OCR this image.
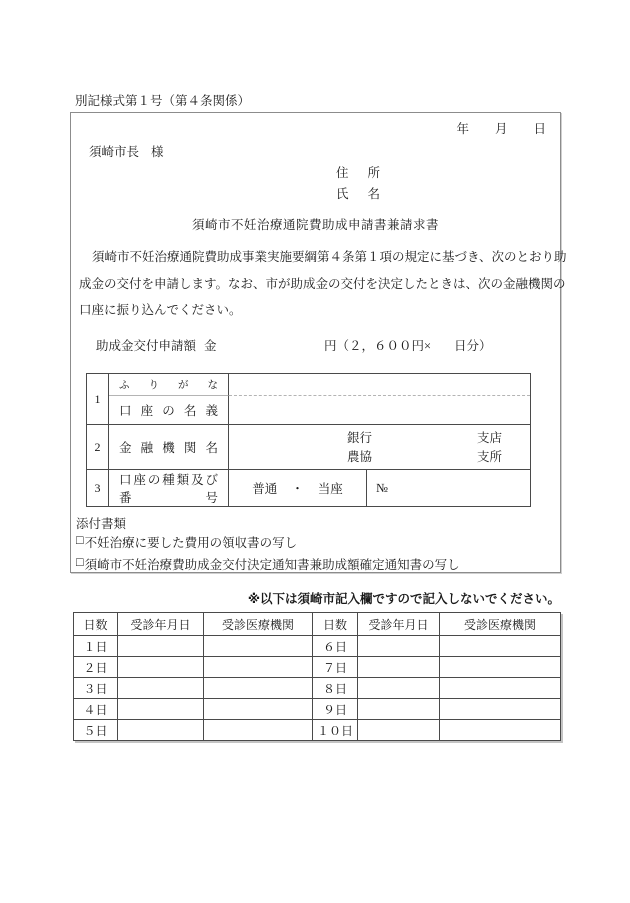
別記様式第１号（第４条関係）
年 月 日
須崎市長 様
住所
氏名
須崎市不妊治療通院費助成申請書兼請求書
須崎市不妊治療通院費助成事業実施要綱第４条第１項の規定に基づき、次のとおり助
成金の交付を申請します。なお、市が助成金の交付を決定したときは、次の金融機関の
口座に振り込んでください。
助成金交付申請額 金	円（２，６００円× 日分）
1	ふりがな		
	口座の名義		
2	金融機関名	銀行 支店
農協 支所	

3	口座の種類及び番号	普通 ・ 当座	№
添付書類
□ 不妊治療に要した費用の領収書の写し
□ 須崎市不妊治療費助成金交付決定通知書兼助成額確定通知書の写し
※以下は須崎市記入欄ですので記入しないでください。
日数	受診年月日	受診医療機関	日数	受診年月日	受診医療機関
１日			６日		
２日			７日		
３日			８日		
４日			９日		
５日			１０日		
